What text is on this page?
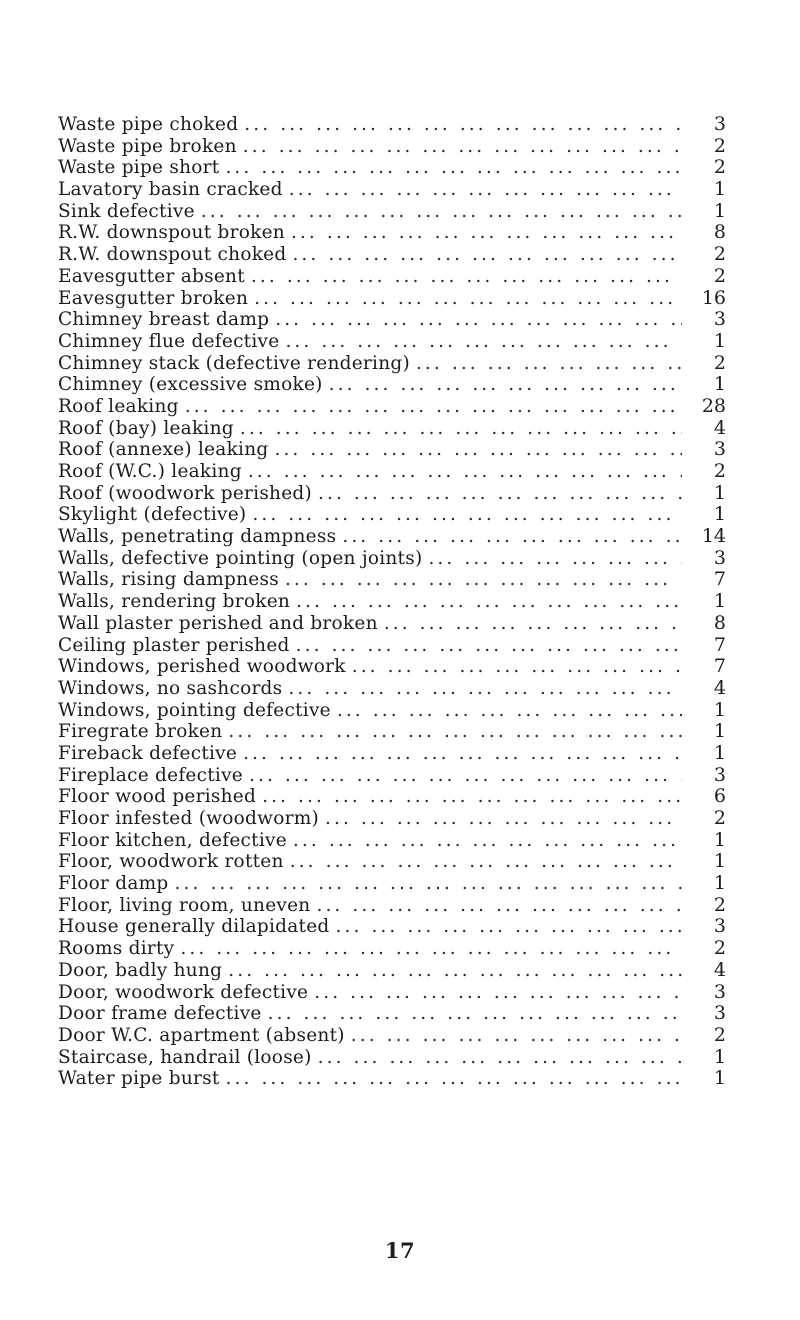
Waste pipe choked ... .	3
Waste pipe broken ... .	2
Waste pipe short ... .	2
Lavatory basin cracked ... .	1
Sink defective ... .	1
R.W. downspout broken ... .	8
R.W. downspout choked ... .	2
Eavesgutter absent ... .	2
Eavesgutter broken ... .	16
Chimney breast damp ... .	3
Chimney flue defective ... .	1
Chimney stack (defective rendering) ... .	2
Chimney (excessive smoke) ... .	1
Roof leaking ... .	28
Roof (bay) leaking ... .	4
Roof (annexe) leaking ... .	3
Roof (W.C.) leaking ... .	2
Roof (woodwork perished) ... .	1
Skylight (defective) ... .	1
Walls, penetrating dampness ... .	14
Walls, defective pointing (open joints) ... .	3
Walls, rising dampness ... .	7
Walls, rendering broken ... .	1
Wall plaster perished and broken ... .	8
Ceiling plaster perished ... .	7
Windows, perished woodwork ... .	7
Windows, no sashcords ... .	4
Windows, pointing defective ... .	1
Firegrate broken ... .	1
Fireback defective ... .	1
Fireplace defective ... .	3
Floor wood perished ... .	6
Floor infested (woodworm) ... .	2
Floor kitchen, defective ... .	1
Floor, woodwork rotten ... .	1
Floor damp ... .	1
Floor, living room, uneven ... .	2
House generally dilapidated ... .	3
Rooms dirty ... .	2
Door, badly hung ... .	4
Door, woodwork defective ... .	3
Door frame defective ... .	3
Door W.C. apartment (absent) ... .	2
Staircase, handrail (loose) ... .	1
Water pipe burst ... .	1
17
